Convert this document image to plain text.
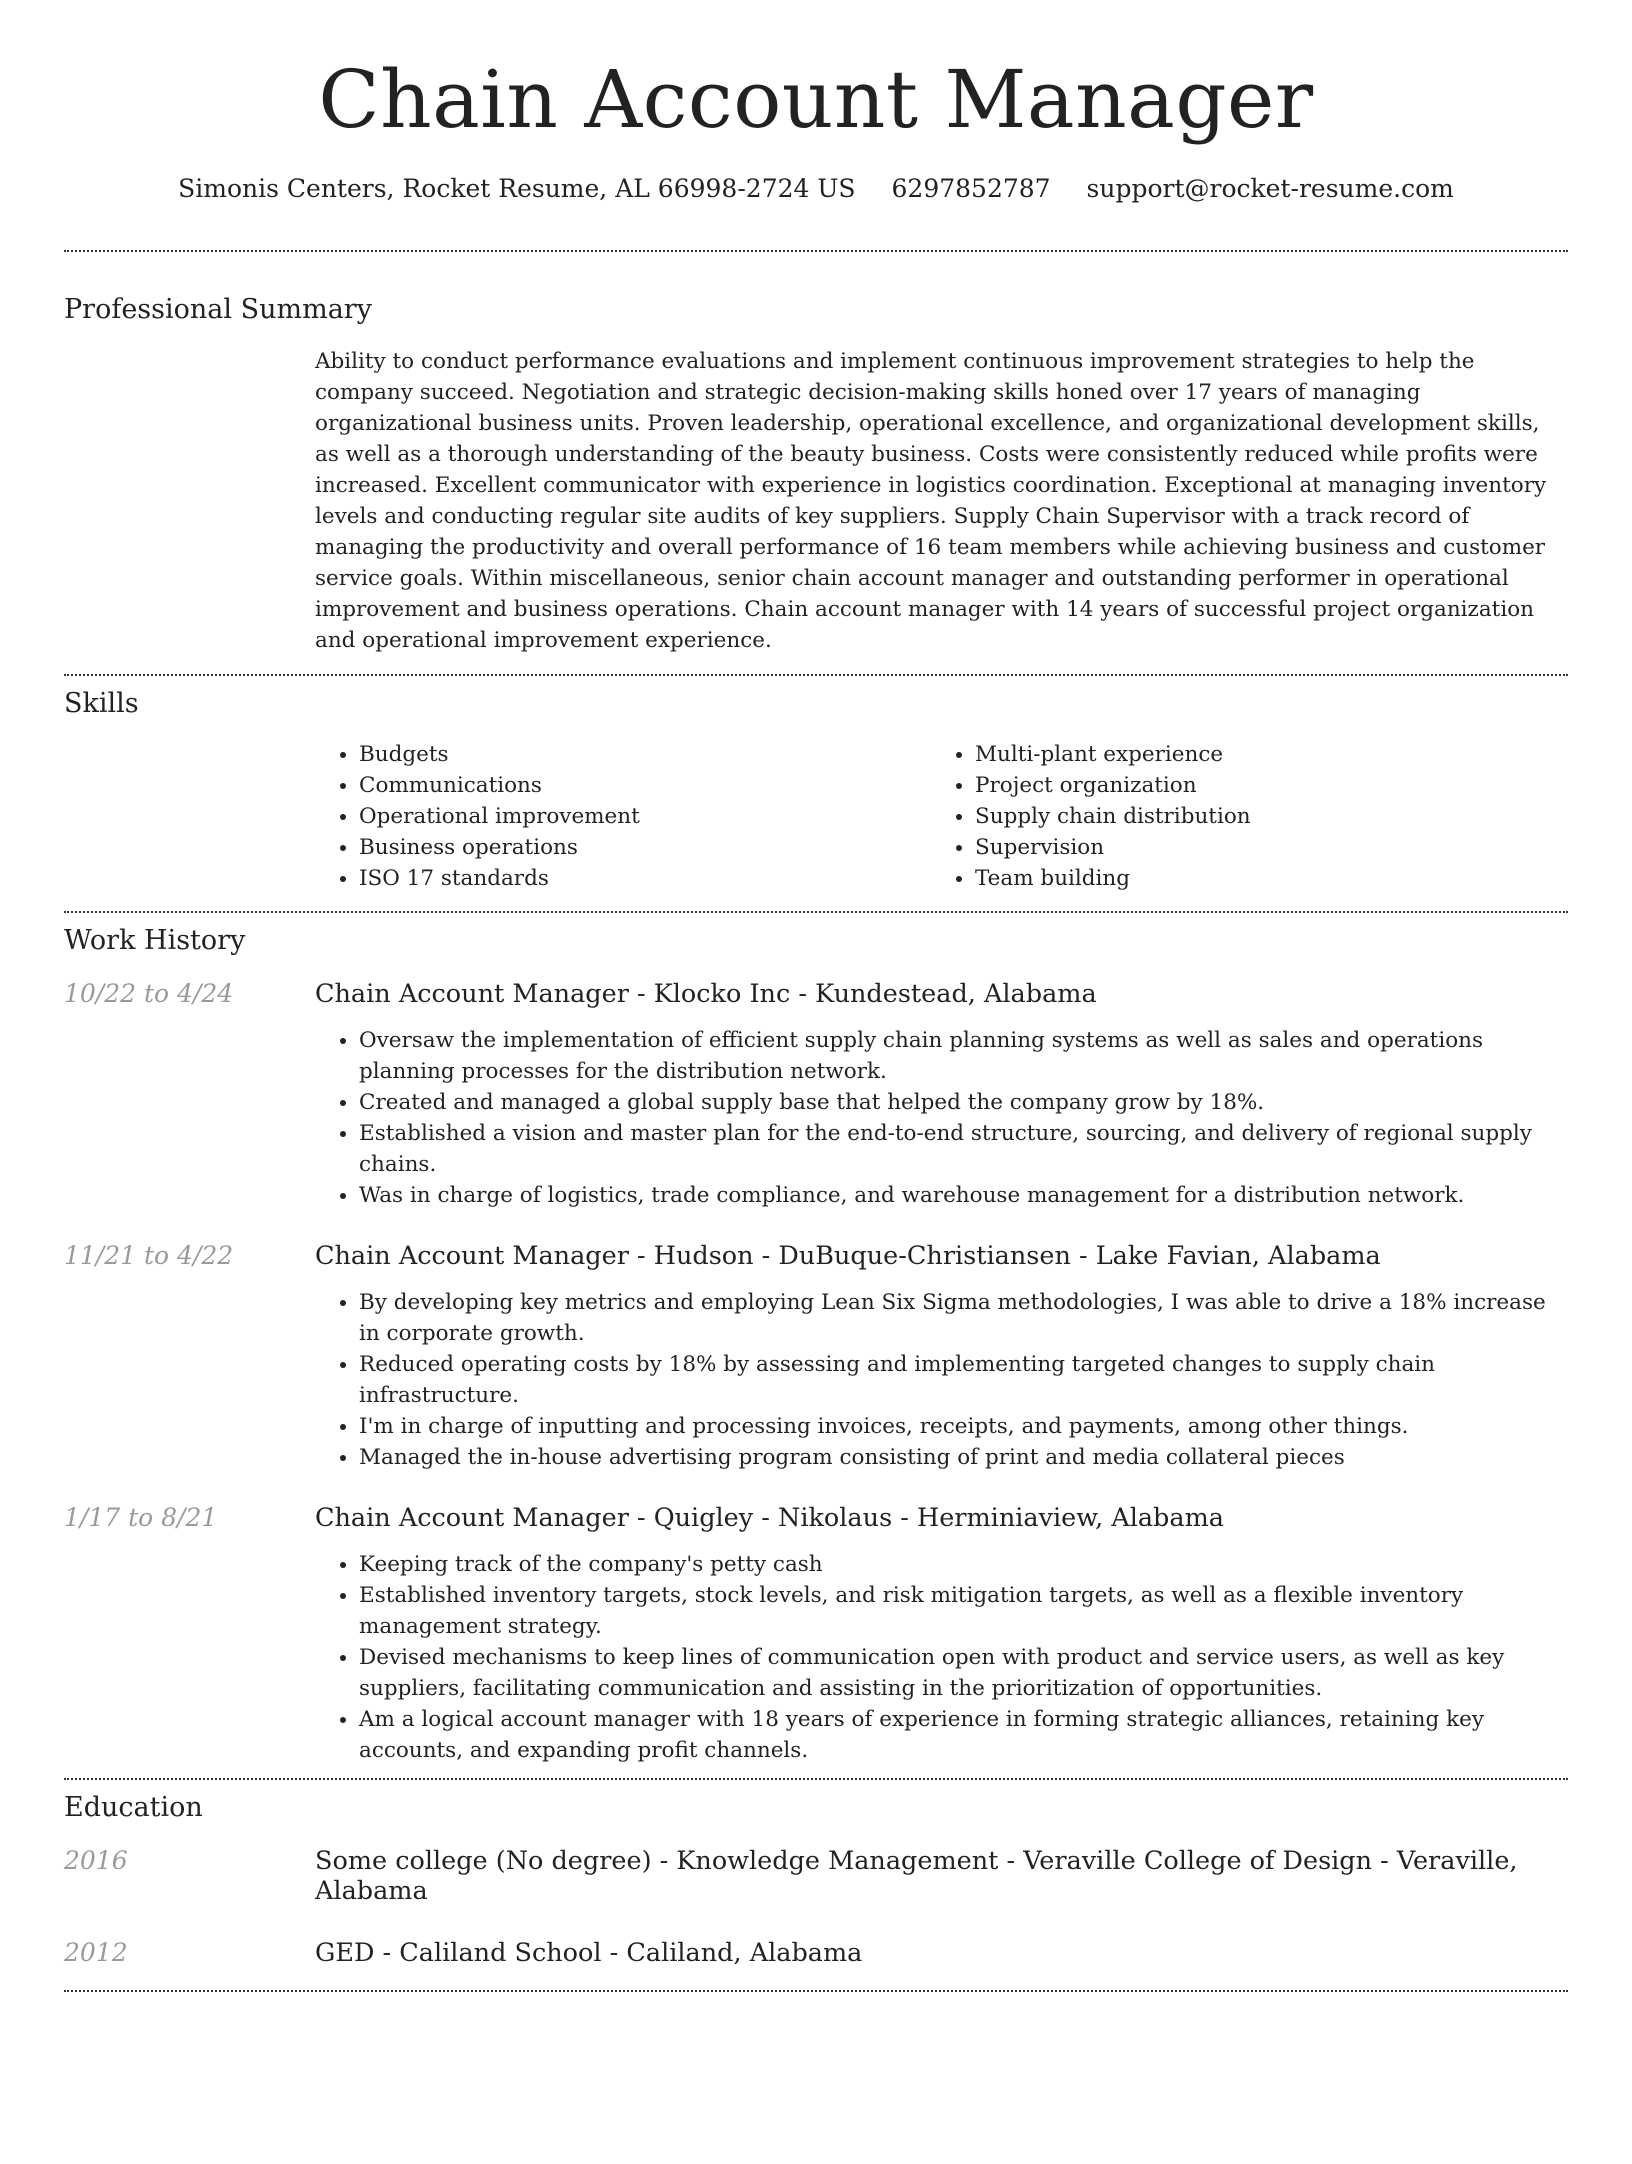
Chain Account Manager
Simonis Centers, Rocket Resume, AL 66998-2724 US 6297852787 support@rocket-resume.com
Professional Summary
Ability to conduct performance evaluations and implement continuous improvement strategies to help the company succeed. Negotiation and strategic decision-making skills honed over 17 years of managing organizational business units. Proven leadership, operational excellence, and organizational development skills, as well as a thorough understanding of the beauty business. Costs were consistently reduced while profits were increased. Excellent communicator with experience in logistics coordination. Exceptional at managing inventory levels and conducting regular site audits of key suppliers. Supply Chain Supervisor with a track record of managing the productivity and overall performance of 16 team members while achieving business and customer service goals. Within miscellaneous, senior chain account manager and outstanding performer in operational improvement and business operations. Chain account manager with 14 years of successful project organization and operational improvement experience.
Skills
• Budgets
• Communications
• Operational improvement
• Business operations
• ISO 17 standards
• Multi-plant experience
• Project organization
• Supply chain distribution
• Supervision
• Team building
Work History
10/22 to 4/24	Chain Account Manager - Klocko Inc - Kundestead, Alabama
• Oversaw the implementation of efficient supply chain planning systems as well as sales and operations planning processes for the distribution network.
• Created and managed a global supply base that helped the company grow by 18%.
• Established a vision and master plan for the end-to-end structure, sourcing, and delivery of regional supply chains.
• Was in charge of logistics, trade compliance, and warehouse management for a distribution network.
11/21 to 4/22	Chain Account Manager - Hudson - DuBuque-Christiansen - Lake Favian, Alabama
• By developing key metrics and employing Lean Six Sigma methodologies, I was able to drive a 18% increase in corporate growth.
• Reduced operating costs by 18% by assessing and implementing targeted changes to supply chain infrastructure.
• I'm in charge of inputting and processing invoices, receipts, and payments, among other things.
• Managed the in-house advertising program consisting of print and media collateral pieces
1/17 to 8/21	Chain Account Manager - Quigley - Nikolaus - Herminiaview, Alabama
• Keeping track of the company's petty cash
• Established inventory targets, stock levels, and risk mitigation targets, as well as a flexible inventory management strategy.
• Devised mechanisms to keep lines of communication open with product and service users, as well as key suppliers, facilitating communication and assisting in the prioritization of opportunities.
• Am a logical account manager with 18 years of experience in forming strategic alliances, retaining key accounts, and expanding profit channels.
Education
2016	Some college (No degree) - Knowledge Management - Veraville College of Design - Veraville, Alabama
2012	GED - Caliland School - Caliland, Alabama
